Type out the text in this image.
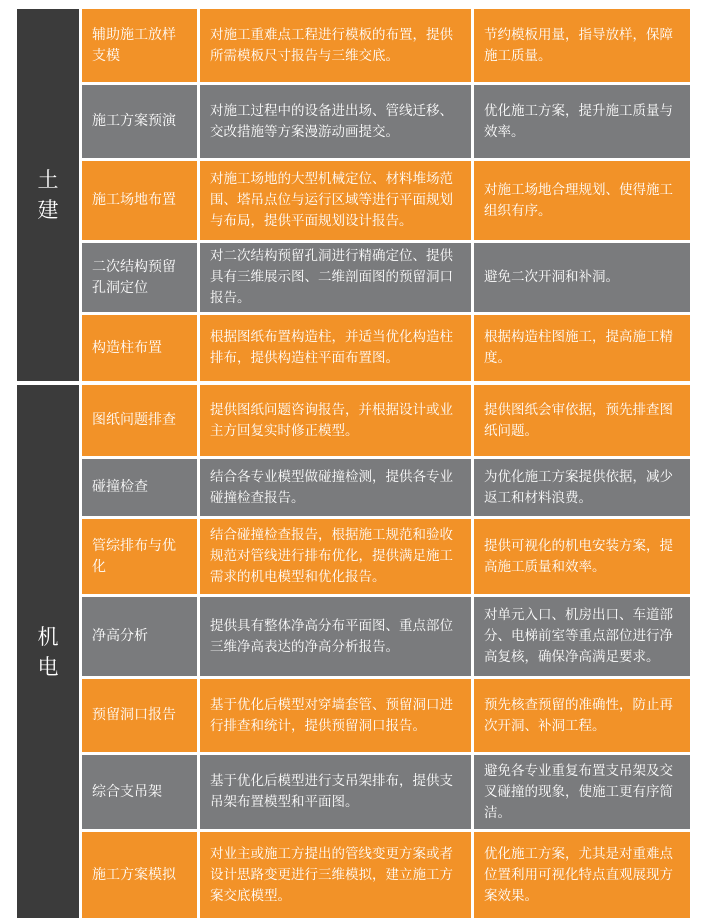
土建
机电
辅助施工放样支模
对施工重难点工程进行模板的布置，提供所需模板尺寸报告与三维交底。
节约模板用量，指导放样，保障施工质量。
施工方案预演
对施工过程中的设备进出场、管线迁移、交改措施等方案漫游动画提交。
优化施工方案，提升施工质量与效率。
施工场地布置
对施工场地的大型机械定位、材料堆场范围、塔吊点位与运行区域等进行平面规划与布局，提供平面规划设计报告。
对施工场地合理规划、使得施工组织有序。
二次结构预留孔洞定位
对二次结构预留孔洞进行精确定位、提供具有三维展示图、二维剖面图的预留洞口报告。
避免二次开洞和补洞。
构造柱布置
根据图纸布置构造柱，并适当优化构造柱排布，提供构造柱平面布置图。
根据构造柱图施工，提高施工精度。
图纸问题排查
提供图纸问题咨询报告，并根据设计或业主方回复实时修正模型。
提供图纸会审依据，预先排查图纸问题。
碰撞检查
结合各专业模型做碰撞检测，提供各专业碰撞检查报告。
为优化施工方案提供依据，减少返工和材料浪费。
管综排布与优化
结合碰撞检查报告，根据施工规范和验收规范对管线进行排布优化，提供满足施工需求的机电模型和优化报告。
提供可视化的机电安装方案，提高施工质量和效率。
净高分析
提供具有整体净高分布平面图、重点部位三维净高表达的净高分析报告。
对单元入口、机房出口、车道部分、电梯前室等重点部位进行净高复核，确保净高满足要求。
预留洞口报告
基于优化后模型对穿墙套管、预留洞口进行排查和统计，提供预留洞口报告。
预先核查预留的准确性，防止再次开洞、补洞工程。
综合支吊架
基于优化后模型进行支吊架排布，提供支吊架布置模型和平面图。
避免各专业重复布置支吊架及交叉碰撞的现象，使施工更有序简洁。
施工方案模拟
对业主或施工方提出的管线变更方案或者设计思路变更进行三维模拟，建立施工方案交底模型。
优化施工方案，尤其是对重难点位置利用可视化特点直观展现方案效果。
